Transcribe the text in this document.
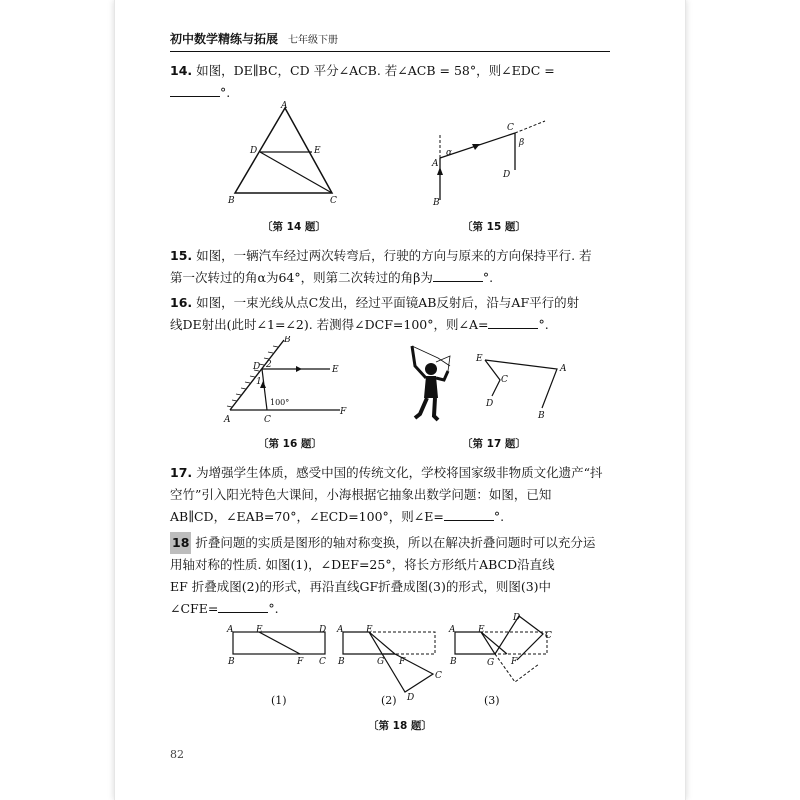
初中数学精练与拓展 七年级下册
14. 如图，DE∥BC，CD 平分∠ACB. 若∠ACB = 58°，则∠EDC =
°.
A
D	E
B	C
〔第 14 题〕
A
α
C
β
D
B
〔第 15 题〕
15. 如图，一辆汽车经过两次转弯后，行驶的方向与原来的方向保持平行. 若
第一次转过的角α为64°，则第二次转过的角β为	°.
16. 如图，一束光线从点C发出，经过平面镜AB反射后，沿与AF平行的射
线DE射出(此时∠1=∠2). 若测得∠DCF=100°，则∠A=	°.
D 2
1
B
E
100°
A	C
F
〔第 16 题〕
E
C
D
A
B
〔第 17 题〕
17. 为增强学生体质，感受中国的传统文化，学校将国家级非物质文化遗产“抖
空竹”引入阳光特色大课间，小海根据它抽象出数学问题：如图，已知
AB∥CD，∠EAB=70°，∠ECD=100°，则∠E=	°.
18 折叠问题的实质是图形的轴对称变换，所以在解决折叠问题时可以充分运
用轴对称的性质. 如图(1)，∠DEF=25°，将长方形纸片ABCD沿直线
EF 折叠成图(2)的形式，再沿直线GF折叠成图(3)的形式，则图(3)中
∠CFE=	°.
A	E	D
B	F C
A	E
B	G F
C
D
A	E
B	G F
D
C
(1)	(2)	(3)
〔第 18 题〕
82
